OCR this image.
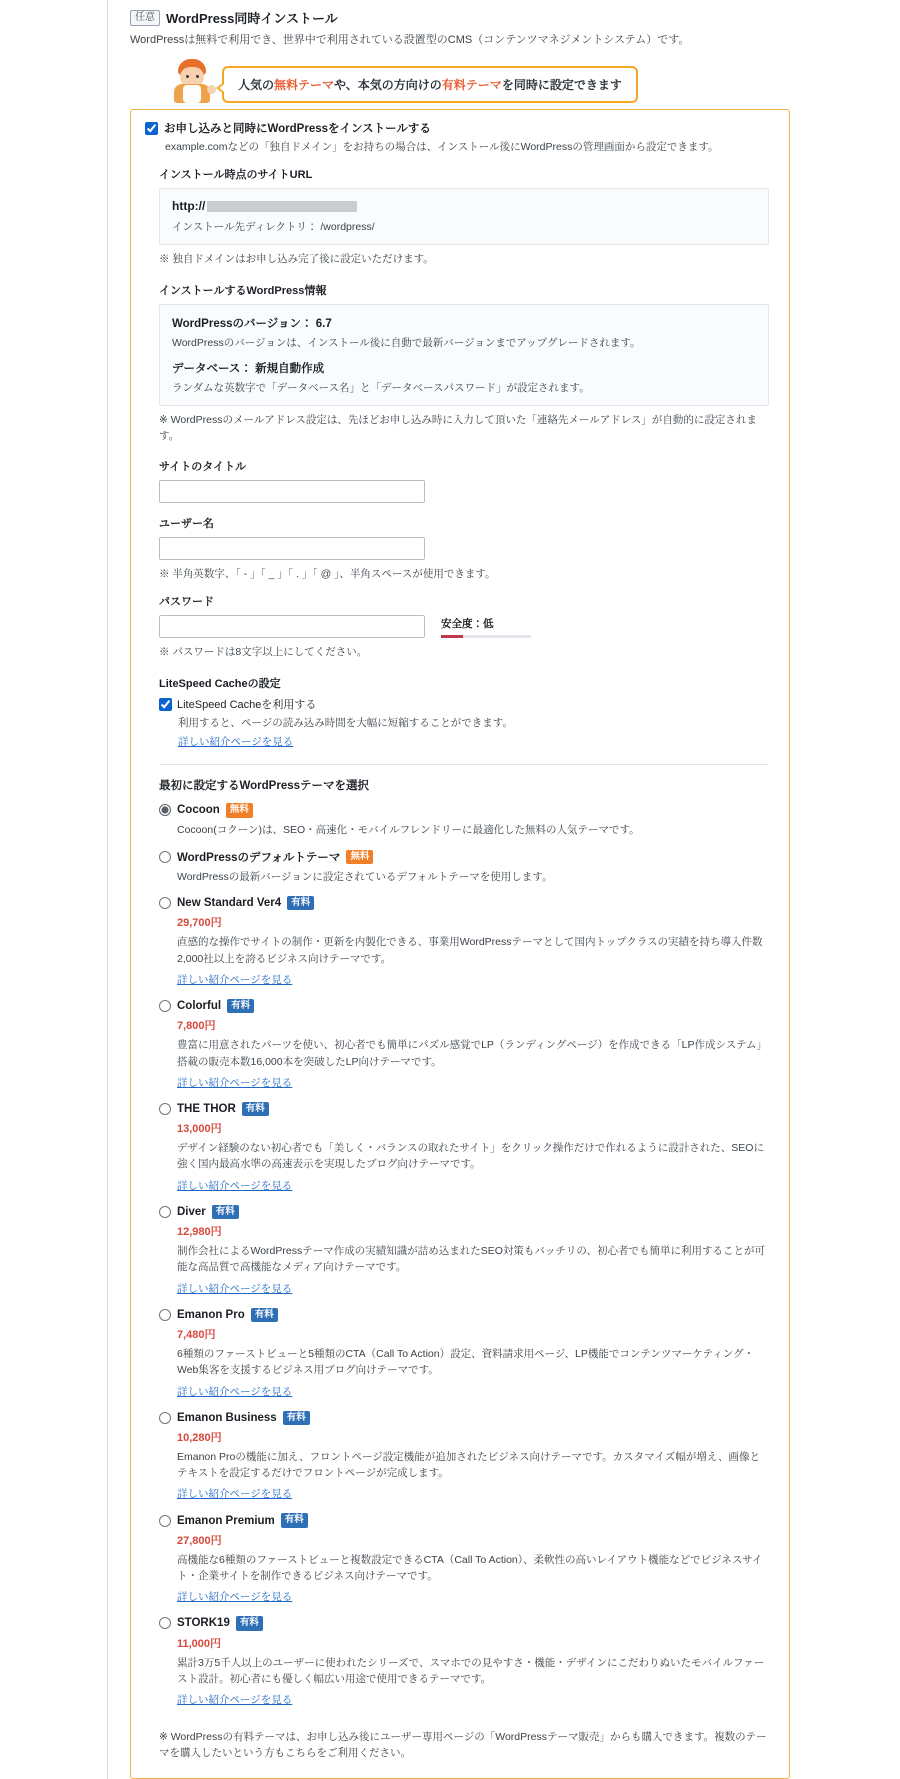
任意 WordPress同時インストール
WordPressは無料で利用でき、世界中で利用されている設置型のCMS（コンテンツマネジメントシステム）です。
人気の無料テーマや、本気の方向けの有料テーマを同時に設定できます
お申し込みと同時にWordPressをインストールする
example.comなどの「独自ドメイン」をお持ちの場合は、インストール後にWordPressの管理画面から設定できます。
インストール時点のサイトURL
http://
インストール先ディレクトリ： /wordpress/
※ 独自ドメインはお申し込み完了後に設定いただけます。
インストールするWordPress情報
WordPressのバージョン： 6.7
WordPressのバージョンは、インストール後に自動で最新バージョンまでアップグレードされます。
データベース： 新規自動作成
ランダムな英数字で「データベース名」と「データベースパスワード」が設定されます。
※ WordPressのメールアドレス設定は、先ほどお申し込み時に入力して頂いた「連絡先メールアドレス」が自動的に設定されます。
サイトのタイトル
ユーザー名
※ 半角英数字、「 - 」「 _ 」「 . 」「 @ 」、半角スペースが使用できます。
パスワード
安全度：低
※ パスワードは8文字以上にしてください。
LiteSpeed Cacheの設定
LiteSpeed Cacheを利用する
利用すると、ページの読み込み時間を大幅に短縮することができます。
詳しい紹介ページを見る
最初に設定するWordPressテーマを選択
Cocoon	無料
Cocoon(コクーン)は、SEO・高速化・モバイルフレンドリーに最適化した無料の人気テーマです。
WordPressのデフォルトテーマ	無料
WordPressの最新バージョンに設定されているデフォルトテーマを使用します。
New Standard Ver4	有料
29,700円
直感的な操作でサイトの制作・更新を内製化できる、事業用WordPressテーマとして国内トップクラスの実績を持ち導入件数2,000社以上を誇るビジネス向けテーマです。
詳しい紹介ページを見る
Colorful	有料
7,800円
豊富に用意されたパーツを使い、初心者でも簡単にパズル感覚でLP（ランディングページ）を作成できる「LP作成システム」搭載の販売本数16,000本を突破したLP向けテーマです。
詳しい紹介ページを見る
THE THOR	有料
13,000円
デザイン経験のない初心者でも「美しく・バランスの取れたサイト」をクリック操作だけで作れるように設計された、SEOに強く国内最高水準の高速表示を実現したブログ向けテーマです。
詳しい紹介ページを見る
Diver	有料
12,980円
制作会社によるWordPressテーマ作成の実績知識が詰め込まれたSEO対策もバッチリの、初心者でも簡単に利用することが可能な高品質で高機能なメディア向けテーマです。
詳しい紹介ページを見る
Emanon Pro	有料
7,480円
6種類のファーストビューと5種類のCTA（Call To Action）設定、資料請求用ページ、LP機能でコンテンツマーケティング・Web集客を支援するビジネス用ブログ向けテーマです。
詳しい紹介ページを見る
Emanon Business	有料
10,280円
Emanon Proの機能に加え、フロントページ設定機能が追加されたビジネス向けテーマです。カスタマイズ幅が増え、画像とテキストを設定するだけでフロントページが完成します。
詳しい紹介ページを見る
Emanon Premium	有料
27,800円
高機能な6種類のファーストビューと複数設定できるCTA（Call To Action）、柔軟性の高いレイアウト機能などでビジネスサイト・企業サイトを制作できるビジネス向けテーマです。
詳しい紹介ページを見る
STORK19	有料
11,000円
累計3万5千人以上のユーザーに使われたシリーズで、スマホでの見やすさ・機能・デザインにこだわりぬいたモバイルファースト設計。初心者にも優しく幅広い用途で使用できるテーマです。
詳しい紹介ページを見る
※ WordPressの有料テーマは、お申し込み後にユーザー専用ページの「WordPressテーマ販売」からも購入できます。複数のテーマを購入したいという方もこちらをご利用ください。
